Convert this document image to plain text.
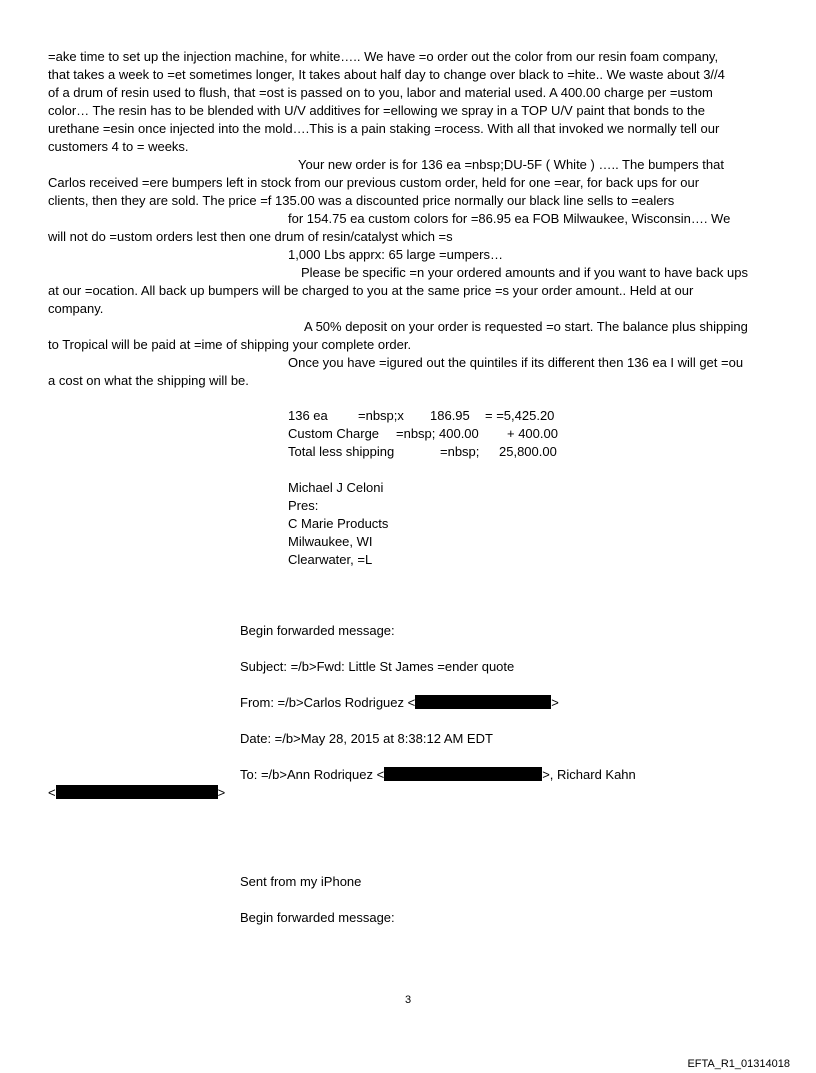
=ake time to set up the injection machine, for white….. We have =o order out the color from our resin foam company,
that takes a week to =et sometimes longer, It takes about half day to change over black to =hite.. We waste about 3//4
of a drum of resin used to flush, that =ost is passed on to you, labor and material used. A 400.00 charge per =ustom
color… The resin has to be blended with U/V additives for =ellowing we spray in a TOP U/V paint that bonds to the
urethane =esin once injected into the mold….This is a pain staking =rocess. With all that invoked we normally tell our
customers 4 to = weeks.
Your new order is for 136 ea =nbsp;DU-5F ( White ) ….. The bumpers that
Carlos received =ere bumpers left in stock from our previous custom order, held for one =ear, for back ups for our
clients, then they are sold. The price =f 135.00 was a discounted price normally our black line sells to =ealers
for 154.75 ea custom colors for =86.95 ea FOB Milwaukee, Wisconsin…. We
will not do =ustom orders lest then one drum of resin/catalyst which =s
1,000 Lbs apprx: 65 large =umpers…
Please be specific =n your ordered amounts and if you want to have back ups
at our =ocation. All back up bumpers will be charged to you at the same price =s your order amount.. Held at our
company.
A 50% deposit on your order is requested =o start. The balance plus shipping
to Tropical will be paid at =ime of shipping your complete order.
Once you have =igured out the quintiles if its different then 136 ea I will get =ou
a cost on what the shipping will be.
136 ea =nbsp;x 186.95 = =5,425.20
Custom Charge =nbsp; 400.00 + 400.00
Total less shipping	=nbsp; 25,800.00
Michael J Celoni
Pres:
C Marie Products
Milwaukee, WI
Clearwater, =L
Begin forwarded message:
Subject: =/b>Fwd: Little St James =ender quote
From: =/b>Carlos Rodriguez <	>
Date: =/b>May 28, 2015 at 8:38:12 AM EDT
To: =/b>Ann Rodriquez <	>, Richard Kahn
<	>
Sent from my iPhone
Begin forwarded message:
3
EFTA_R1_01314018
